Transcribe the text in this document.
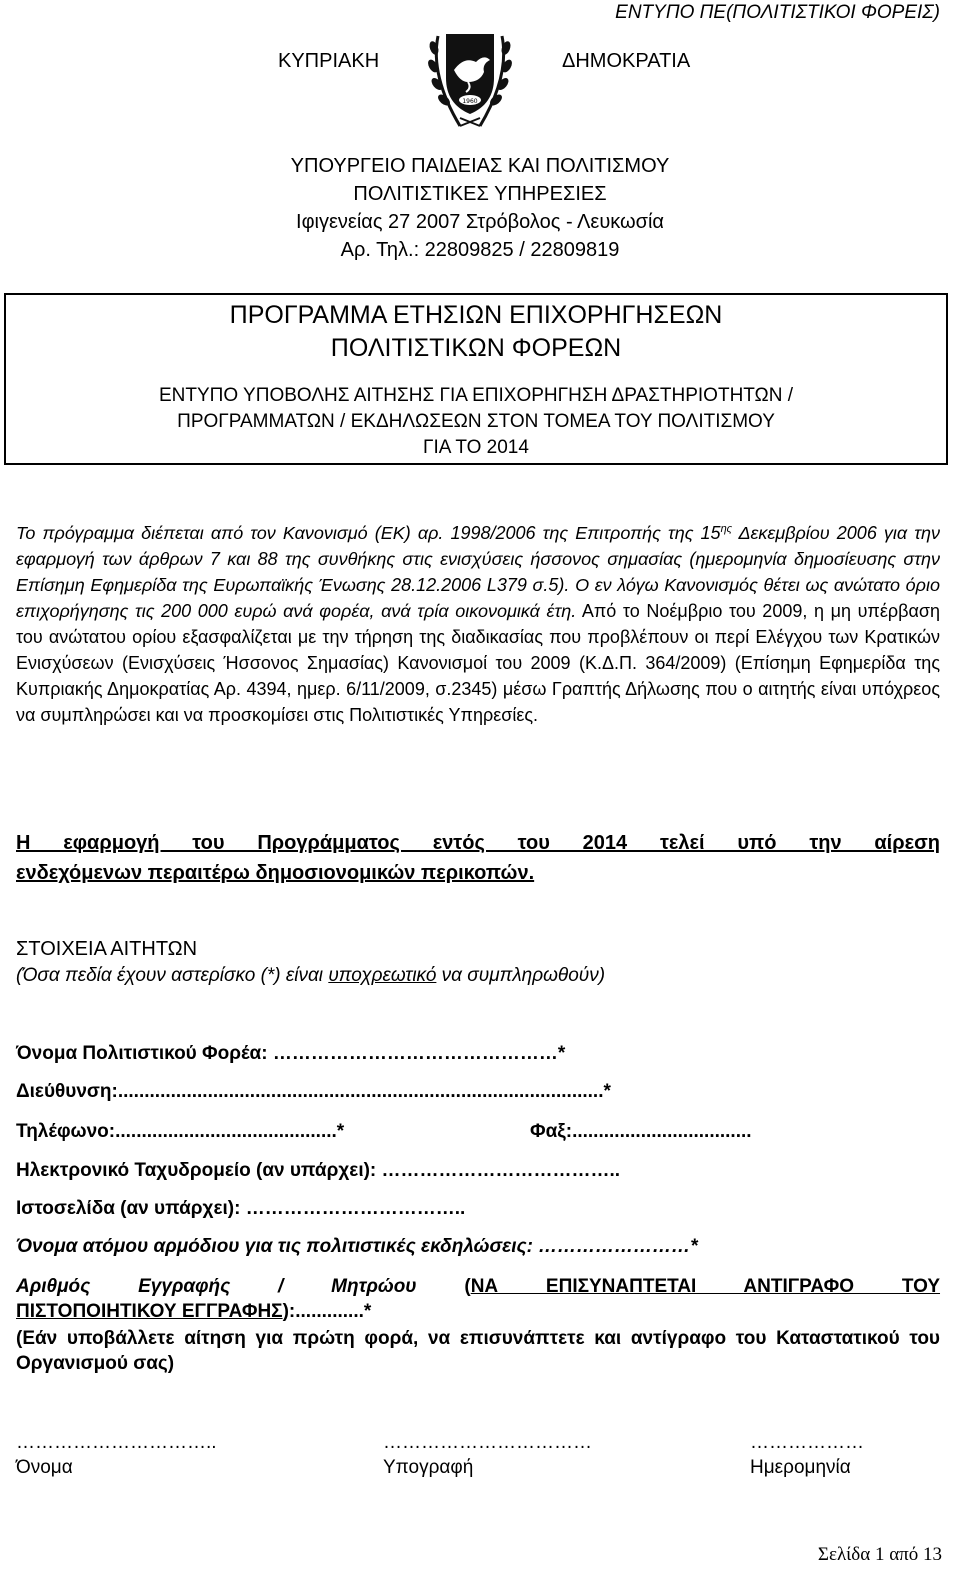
ΕΝΤΥΠΟ ΠΕ(ΠΟΛΙΤΙΣΤΙΚΟΙ ΦΟΡΕΙΣ)
ΚΥΠΡΙΑΚΗ	ΔΗΜΟΚΡΑΤΙΑ
1960
ΥΠΟΥΡΓΕΙΟ ΠΑΙΔΕΙΑΣ ΚΑΙ ΠΟΛΙΤΙΣΜΟΥ
ΠΟΛΙΤΙΣΤΙΚΕΣ ΥΠΗΡΕΣΙΕΣ
Ιφιγενείας 27 2007 Στρόβολος - Λευκωσία
Αρ. Τηλ.: 22809825 / 22809819
ΠΡΟΓΡΑΜΜΑ ΕΤΗΣΙΩΝ ΕΠΙΧΟΡΗΓΗΣΕΩΝ
ΠΟΛΙΤΙΣΤΙΚΩΝ ΦΟΡΕΩΝ
ΕΝΤΥΠΟ ΥΠΟΒΟΛΗΣ ΑΙΤΗΣΗΣ ΓΙΑ ΕΠΙΧΟΡΗΓΗΣΗ ΔΡΑΣΤΗΡΙΟΤΗΤΩΝ /
ΠΡΟΓΡΑΜΜΑΤΩΝ / ΕΚΔΗΛΩΣΕΩΝ ΣΤΟΝ ΤΟΜΕΑ ΤΟΥ ΠΟΛΙΤΙΣΜΟΥ
ΓΙΑ ΤΟ 2014
Το πρόγραμμα διέπεται από τον Κανονισμό (ΕΚ) αρ. 1998/2006 της Επιτροπής της $15^{\eta\varsigma}$ Δεκεμβρίου 2006 για την εφαρμογή των άρθρων 7 και 88 της συνθήκης στις ενισχύσεις ήσσονος σημασίας (ημερομηνία δημοσίευσης στην Επίσημη Εφημερίδα της Ευρωπαϊκής Ένωσης 28.12.2006 L379 σ.5). Ο εν λόγω Κανονισμός θέτει ως ανώτατο όριο επιχορήγησης τις 200 000 ευρώ ανά φορέα, ανά τρία οικονομικά έτη. Από το Νοέμβριο του 2009, η μη υπέρβαση του ανώτατου ορίου εξασφαλίζεται με την τήρηση της διαδικασίας που προβλέπουν οι περί Ελέγχου των Κρατικών Ενισχύσεων (Ενισχύσεις Ήσσονος Σημασίας) Κανονισμοί του 2009 (Κ.Δ.Π. 364/2009) (Επίσημη Εφημερίδα της Κυπριακής Δημοκρατίας Αρ. 4394, ημερ. 6/11/2009, σ.2345) μέσω Γραπτής Δήλωσης που ο αιτητής είναι υπόχρεος να συμπληρώσει και να προσκομίσει στις Πολιτιστικές Υπηρεσίες.
Η εφαρμογή του Προγράμματος εντός του 2014 τελεί υπό την αίρεση
ενδεχόμενων περαιτέρω δημοσιονομικών περικοπών.
ΣΤΟΙΧΕΙΑ ΑΙΤΗΤΩΝ
(Όσα πεδία έχουν αστερίσκο (*) είναι υποχρεωτικό να συμπληρωθούν)
Όνομα Πολιτιστικού Φορέα: ………………………………………*
Διεύθυνση:............................................................................................*
Τηλέφωνο:..........................................*	Φαξ:..................................
Ηλεκτρονικό Ταχυδρομείο (αν υπάρχει): ………………………………..
Ιστοσελίδα (αν υπάρχει): ……………………………..
Όνομα ατόμου αρμόδιου για τις πολιτιστικές εκδηλώσεις: ……………………*
Αριθμός Εγγραφής / Μητρώου (ΝΑ ΕΠΙΣΥΝΑΠΤΕΤΑΙ ΑΝΤΙΓΡΑΦΟ ΤΟΥ
ΠΙΣΤΟΠΟΙΗΤΙΚΟΥ ΕΓΓΡΑΦΗΣ):.............*
(Εάν υποβάλλετε αίτηση για πρώτη φορά, να επισυνάπτετε και αντίγραφο του Καταστατικού του Οργανισμού σας)
…………………………..
Όνομα
……………………………
Υπογραφή
………………
Ημερομηνία
Σελίδα 1 από 13
